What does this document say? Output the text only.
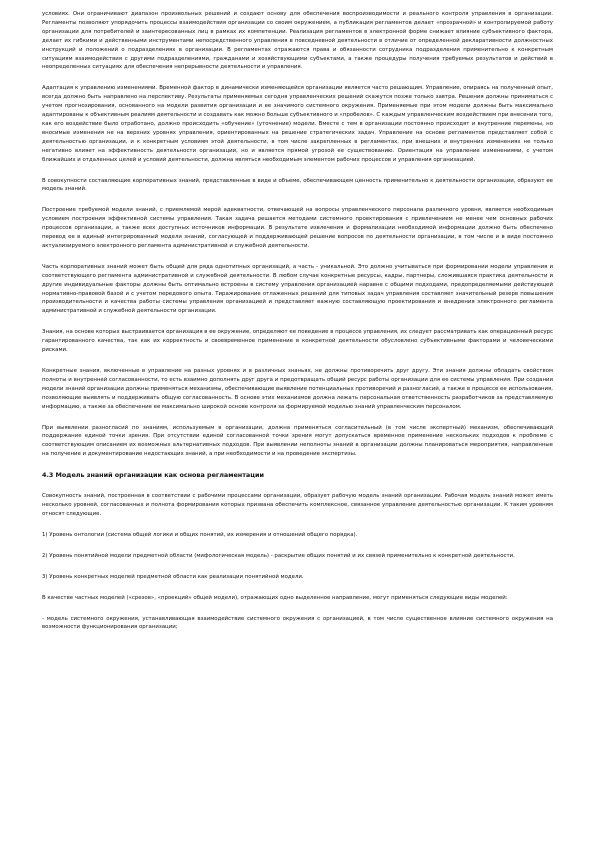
условиях. Они ограничивают диапазон произвольных решений и создают основу для обеспечения воспроизводимости и реального контроля управления в организации. Регламенты позволяют упорядочить процессы взаимодействия организации со своим окружением, а публикация регламентов делает «прозрачной» и контролируемой работу организации для потребителей и заинтересованных лиц в рамках их компетенции. Реализация регламентов в электронной форме снижает влияние субъективного фактора, делает их гибкими и действенными инструментами непосредственного управления в повседневной деятельности в отличие от определенной декларативности должностных инструкций и положений о подразделениях в организации. В регламентах отражаются права и обязанности сотрудника подразделения применительно к конкретным ситуациям взаимодействия с другими подразделениями, гражданами и хозяйствующими субъектами, а также процедуры получения требуемых результатов и действий в неопределенных ситуациях для обеспечения непрерывности деятельности и управления.

Адаптация к управлению изменениями. Временной фактор в динамически изменяющейся организации является часто решающим. Управление, опираясь на полученный опыт, всегда должно быть направлено на перспективу. Результаты применяемых сегодня управленческих решений скажутся позже только завтра. Решения должны приниматься с учетом прогнозирования, основанного на модели развития организации и ее значимого системного окружения. Применяемые при этом модели должны быть максимально адаптированы к объективным реалиям деятельности и создавать как можно больше субъективного и «пробелов». С каждым управленческим воздействием при внесении того, как его воздействие было отработано, должно происходить «обучение» (уточнение) модели. Вместе с тем в организации постоянно происходят и внутренние перемены, но вносимые изменения не на верхних уровнях управления, ориентированных на решение стратегических задач. Управление на основе регламентов представляет собой с деятельностью организации, и к конкретным условиям этой деятельности, в том числе закрепленных в регламентах, при внешних и внутренних изменениях не только негативно влияет на эффективность деятельности организации, но и является прямой угрозой ее существованию. Ориентация на управление изменениями, с учетом ближайших и отдаленных целей и условий деятельности, должна являться необходимым элементом рабочих процессов и управления организацией.

В совокупности составляющие корпоративных знаний, представленные в виде и объеме, обеспечивающем ценность применительно к деятельности организации, образуют ее модель знаний.

Построение требуемой модели знаний, с приемлемой мерой адекватности, отвечающей на вопросы управленческого персонала различного уровня, является необходимым условием построения эффективной системы управления. Такая задача решается методами системного проектирования с привлечением не менее чем основных рабочих процессов организации, а также всех доступных источников информации. В результате извлечения и формализации необходимой информации должно быть обеспечено перевод ее в единый интегрированный модели знаний, согласующей и поддерживающей решение вопросов по деятельности организации, в том числе и в виде постоянно актуализируемого электронного регламента административной и служебной деятельности.

Часть корпоративных знаний может быть общей для ряда однотипных организаций, а часть - уникальной. Это должно учитываться при формировании модели управления и соответствующего регламента административной и служебной деятельности. В любом случае конкретные ресурсы, кадры, партнеры, сложившаяся практика деятельности и другие индивидуальные факторы должны быть оптимально встроены в систему управления организацией наравне с общими подходами, предопределяемыми действующей нормативно-правовой базой и с учетом передового опыта. Тиражирование отлаженных решений для типовых задач управления составляет значительный резерв повышения производительности и качества работы системы управления организацией и представляет важную составляющую проектирования и внедрения электронного регламента административной и служебной деятельности организации.

Знания, на основе которых выстраивается организация в ее окружение, определяют ее поведение в процессе управления, их следует рассматривать как операционный ресурс гарантированного качества, так как их корректность и своевременное применение в конкретной деятельности обусловлено субъективными факторами и человеческими рисками.

Конкретные знания, включенные в управление на разных уровнях и в различных знаньях, не должны противоречить друг другу. Эти знания должны обладать свойством полноты и внутренней согласованности, то есть взаимно дополнять друг друга и предотвращать общий ресурс работы организации для ее системы управления. При создании модели знаний организации должны применяться механизмы, обеспечивающие выявление потенциальных противоречий и разногласий, а также в процессе ее использования, позволяющие выявлять и поддерживать общую согласованность. В основе этих механизмов должна лежать персональная ответственность разработчиков за представляемую информацию, а также за обеспечение ее максимально широкой основе контроля за формируемой моделью знаний управленческим персоналом.

При выявлении разногласий по знаниям, используемым в организации, должна применяться согласительный (в том числе экспертный) механизм, обеспечивающий поддержание единой точки зрения. При отсутствии единой согласованной точки зрения могут допускаться временное применение нескольких подходов к проблеме с соответствующим описанием их возможных альтернативных подходов. При выявлении неполноты знаний в организации должны планироваться мероприятия, направленные на получение и документирование недостающих знаний, а при необходимости и на проведение экспертизы.

4.3 Модель знаний организации как основа регламентации

Совокупность знаний, построенная в соответствии с рабочими процессами организации, образует рабочую модель знаний организации. Рабочая модель знаний может иметь несколько уровней, согласованных и полнота формирования которых призвана обеспечить комплексное, связанное управление деятельностью организации. К таким уровням относят следующие.

1) Уровень онтологии (система общей логики и общих понятий, их измерения и отношений общего порядка).

2) Уровень понятийной модели предметной области (мифологическая модель) - раскрытие общих понятий и их связей применительно к конкретной деятельности.

3) Уровень конкретных моделей предметной области как реализации понятийной модели.

В качестве частных моделей («срезов», «проекций» общей модели), отражающих одно выделенное направление, могут применяться следующие виды моделей:

- модель системного окружения, устанавливающая взаимодействие системного окружения с организацией, в том числе существенное влияние системного окружения на возможности функционирования организации;
